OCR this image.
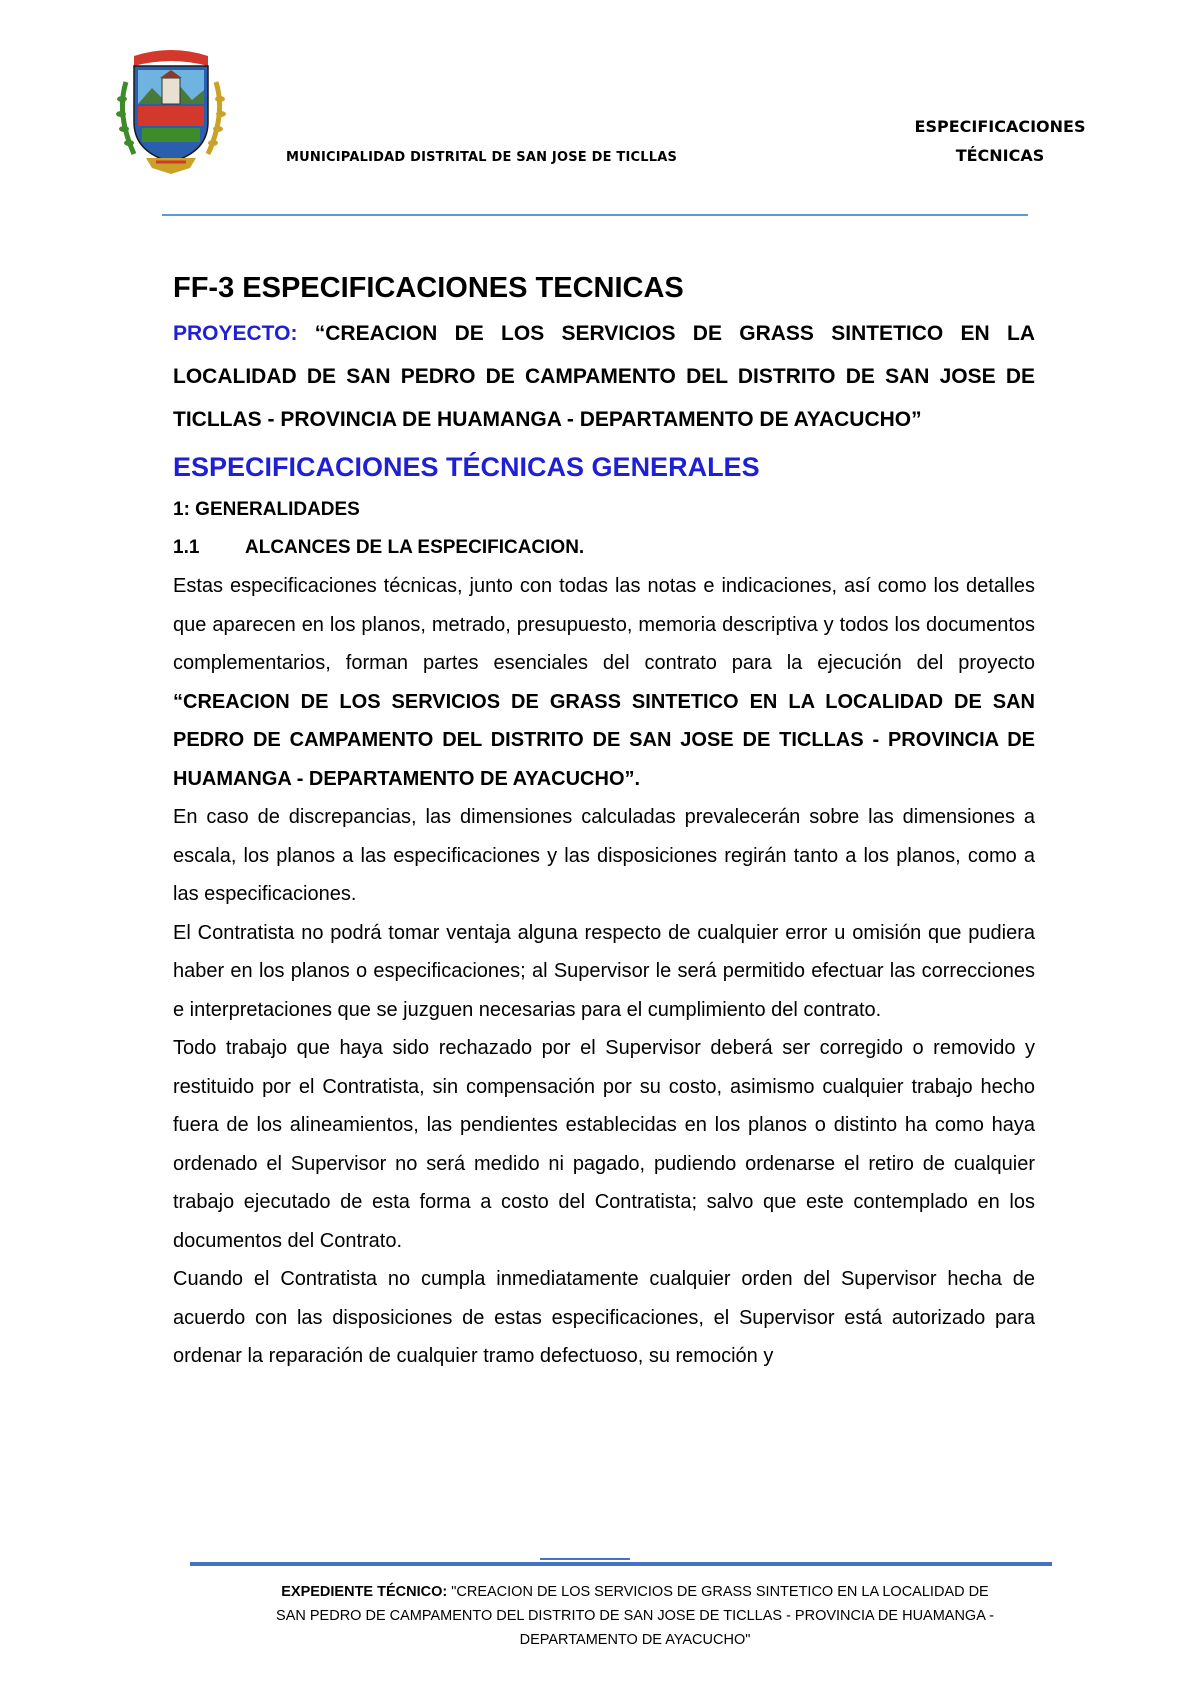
MUNICIPALIDAD DISTRITAL DE SAN JOSE DE TICLLAS
ESPECIFICACIONES
TÉCNICAS
FF-3 ESPECIFICACIONES TECNICAS

PROYECTO: “CREACION DE LOS SERVICIOS DE GRASS SINTETICO EN LA LOCALIDAD DE SAN PEDRO DE CAMPAMENTO DEL DISTRITO DE SAN JOSE DE TICLLAS - PROVINCIA DE HUAMANGA - DEPARTAMENTO DE AYACUCHO”

ESPECIFICACIONES TÉCNICAS GENERALES

1: GENERALIDADES

1.1 ALCANCES DE LA ESPECIFICACION.

Estas especificaciones técnicas, junto con todas las notas e indicaciones, así como los detalles que aparecen en los planos, metrado, presupuesto, memoria descriptiva y todos los documentos complementarios, forman partes esenciales del contrato para la ejecución del proyecto “CREACION DE LOS SERVICIOS DE GRASS SINTETICO EN LA LOCALIDAD DE SAN PEDRO DE CAMPAMENTO DEL DISTRITO DE SAN JOSE DE TICLLAS - PROVINCIA DE HUAMANGA - DEPARTAMENTO DE AYACUCHO”.

En caso de discrepancias, las dimensiones calculadas prevalecerán sobre las dimensiones a escala, los planos a las especificaciones y las disposiciones regirán tanto a los planos, como a las especificaciones.

El Contratista no podrá tomar ventaja alguna respecto de cualquier error u omisión que pudiera haber en los planos o especificaciones; al Supervisor le será permitido efectuar las correcciones e interpretaciones que se juzguen necesarias para el cumplimiento del contrato.

Todo trabajo que haya sido rechazado por el Supervisor deberá ser corregido o removido y restituido por el Contratista, sin compensación por su costo, asimismo cualquier trabajo hecho fuera de los alineamientos, las pendientes establecidas en los planos o distinto ha como haya ordenado el Supervisor no será medido ni pagado, pudiendo ordenarse el retiro de cualquier trabajo ejecutado de esta forma a costo del Contratista; salvo que este contemplado en los documentos del Contrato.

Cuando el Contratista no cumpla inmediatamente cualquier orden del Supervisor hecha de acuerdo con las disposiciones de estas especificaciones, el Supervisor está autorizado para ordenar la reparación de cualquier tramo defectuoso, su remoción y

EXPEDIENTE TÉCNICO: "CREACION DE LOS SERVICIOS DE GRASS SINTETICO EN LA LOCALIDAD DE SAN PEDRO DE CAMPAMENTO DEL DISTRITO DE SAN JOSE DE TICLLAS - PROVINCIA DE HUAMANGA - DEPARTAMENTO DE AYACUCHO"
